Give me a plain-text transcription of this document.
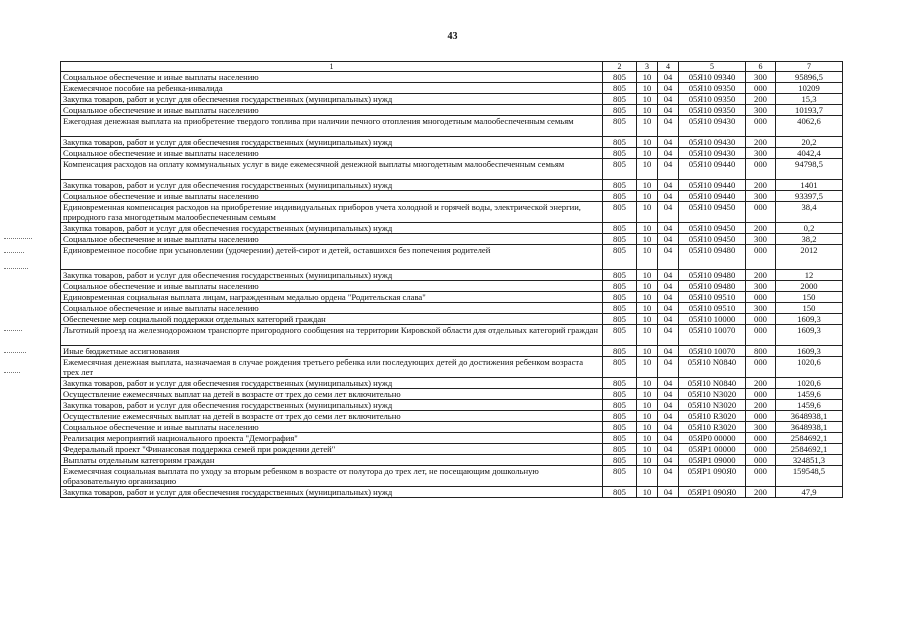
43
1	2	3	4	5	6	7
Социальное обеспечение и иные выплаты населению	805	10	04	05Я10 09340	300	95896,5
Ежемесячное пособие на ребенка-инвалида	805	10	04	05Я10 09350	000	10209
Закупка товаров, работ и услуг для обеспечения государственных (муниципальных) нужд	805	10	04	05Я10 09350	200	15,3
Социальное обеспечение и иные выплаты населению	805	10	04	05Я10 09350	300	10193,7
Ежегодная денежная выплата на приобретение твердого топлива при наличии печного отопления многодетным малообеспеченным семьям	805	10	04	05Я10 09430	000	4062,6
Закупка товаров, работ и услуг для обеспечения государственных (муниципальных) нужд	805	10	04	05Я10 09430	200	20,2
Социальное обеспечение и иные выплаты населению	805	10	04	05Я10 09430	300	4042,4
Компенсация расходов на оплату коммунальных услуг в виде ежемесячной денежной выплаты многодетным малообеспеченным семьям	805	10	04	05Я10 09440	000	94798,5
Закупка товаров, работ и услуг для обеспечения государственных (муниципальных) нужд	805	10	04	05Я10 09440	200	1401
Социальное обеспечение и иные выплаты населению	805	10	04	05Я10 09440	300	93397,5
Единовременная компенсация расходов на приобретение индивидуальных приборов учета холодной и горячей воды, электрической энергии, природного газа многодетным малообеспеченным семьям	805	10	04	05Я10 09450	000	38,4
Закупка товаров, работ и услуг для обеспечения государственных (муниципальных) нужд	805	10	04	05Я10 09450	200	0,2
Социальное обеспечение и иные выплаты населению	805	10	04	05Я10 09450	300	38,2
Единовременное пособие при усыновлении (удочерении) детей-сирот и детей, оставшихся без попечения родителей	805	10	04	05Я10 09480	000	2012
Закупка товаров, работ и услуг для обеспечения государственных (муниципальных) нужд	805	10	04	05Я10 09480	200	12
Социальное обеспечение и иные выплаты населению	805	10	04	05Я10 09480	300	2000
Единовременная социальная выплата лицам, награжденным медалью ордена "Родительская слава"	805	10	04	05Я10 09510	000	150
Социальное обеспечение и иные выплаты населению	805	10	04	05Я10 09510	300	150
Обеспечение мер социальной поддержки отдельных категорий граждан	805	10	04	05Я10 10000	000	1609,3
Льготный проезд на железнодорожном транспорте пригородного сообщения на территории Кировской области для отдельных категорий граждан	805	10	04	05Я10 10070	000	1609,3
Иные бюджетные ассигнования	805	10	04	05Я10 10070	800	1609,3
Ежемесячная денежная выплата, назначаемая в случае рождения третьего ребенка или последующих детей до достижения ребенком возраста трех лет	805	10	04	05Я10 N0840	000	1020,6
Закупка товаров, работ и услуг для обеспечения государственных (муниципальных) нужд	805	10	04	05Я10 N0840	200	1020,6
Осуществление ежемесячных выплат на детей в возрасте от трех до семи лет включительно	805	10	04	05Я10 N3020	000	1459,6
Закупка товаров, работ и услуг для обеспечения государственных (муниципальных) нужд	805	10	04	05Я10 N3020	200	1459,6
Осуществление ежемесячных выплат на детей в возрасте от трех до семи лет включительно	805	10	04	05Я10 R3020	000	3648938,1
Социальное обеспечение и иные выплаты населению	805	10	04	05Я10 R3020	300	3648938,1
Реализация мероприятий национального проекта "Демография"	805	10	04	05ЯР0 00000	000	2584692,1
Федеральный проект "Финансовая поддержка семей при рождении детей"	805	10	04	05ЯР1 00000	000	2584692,1
Выплаты отдельным категориям граждан	805	10	04	05ЯР1 09000	000	324851,3
Ежемесячная социальная выплата по уходу за вторым ребенком в возрасте от полутора до трех лет, не посещающим дошкольную образовательную организацию	805	10	04	05ЯР1 090Я0	000	159548,5
Закупка товаров, работ и услуг для обеспечения государственных (муниципальных) нужд	805	10	04	05ЯР1 090Я0	200	47,9
